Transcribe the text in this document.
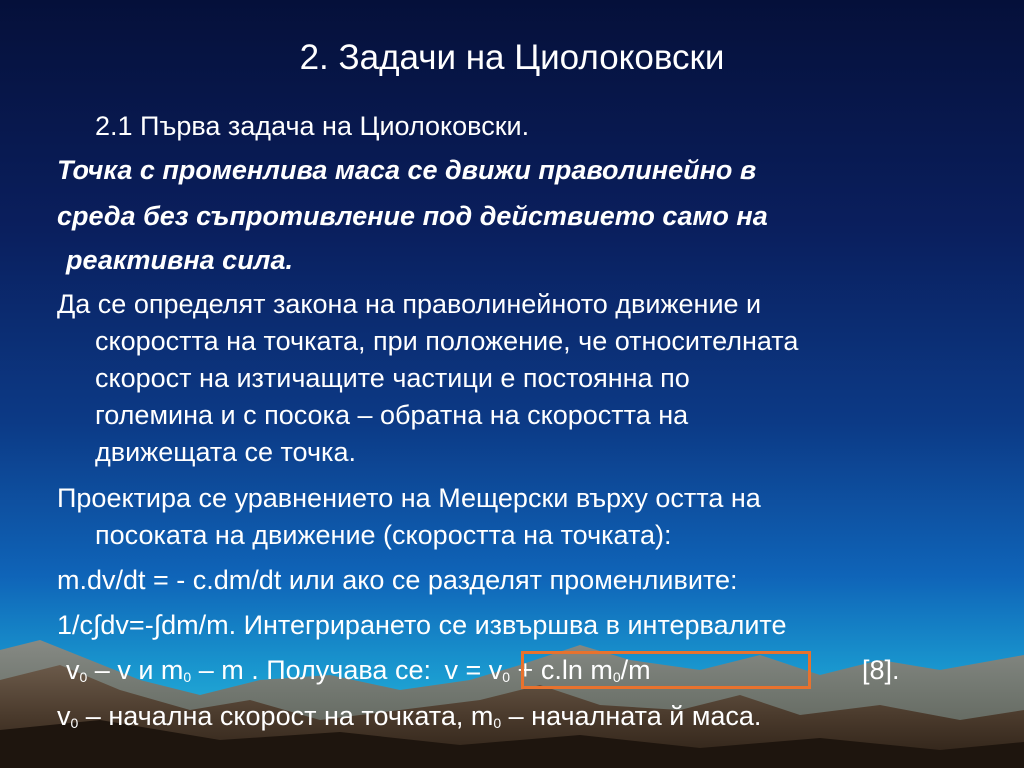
2. Задачи на Циолоковски
2.1 Първа задача на Циолоковски.
Точка с променлива маса се движи праволинейно в
среда без съпротивление под действието само на
реактивна сила.
Да се определят закона на праволинейното движение и
скоростта на точката, при положение, че относителната
скорост на изтичащите частици е постоянна по
големина и с посока – обратна на скоростта на
движещата се точка.
Проектира се уравнението на Мещерски върху остта на
посоката на движение (скоростта на точката):
m.dv/dt = - c.dm/dt или ако се разделят променливите:
1/c∫dv=-∫dm/m. Интегрирането се извършва в интервалите
$v_0$ – v и $m_0$ – m . Получава се: $v = v_0 + c.\ln$ $m_0/m$	[8].
$v_0$ – начална скорост на точката, $m_0$ – началната й маса.
